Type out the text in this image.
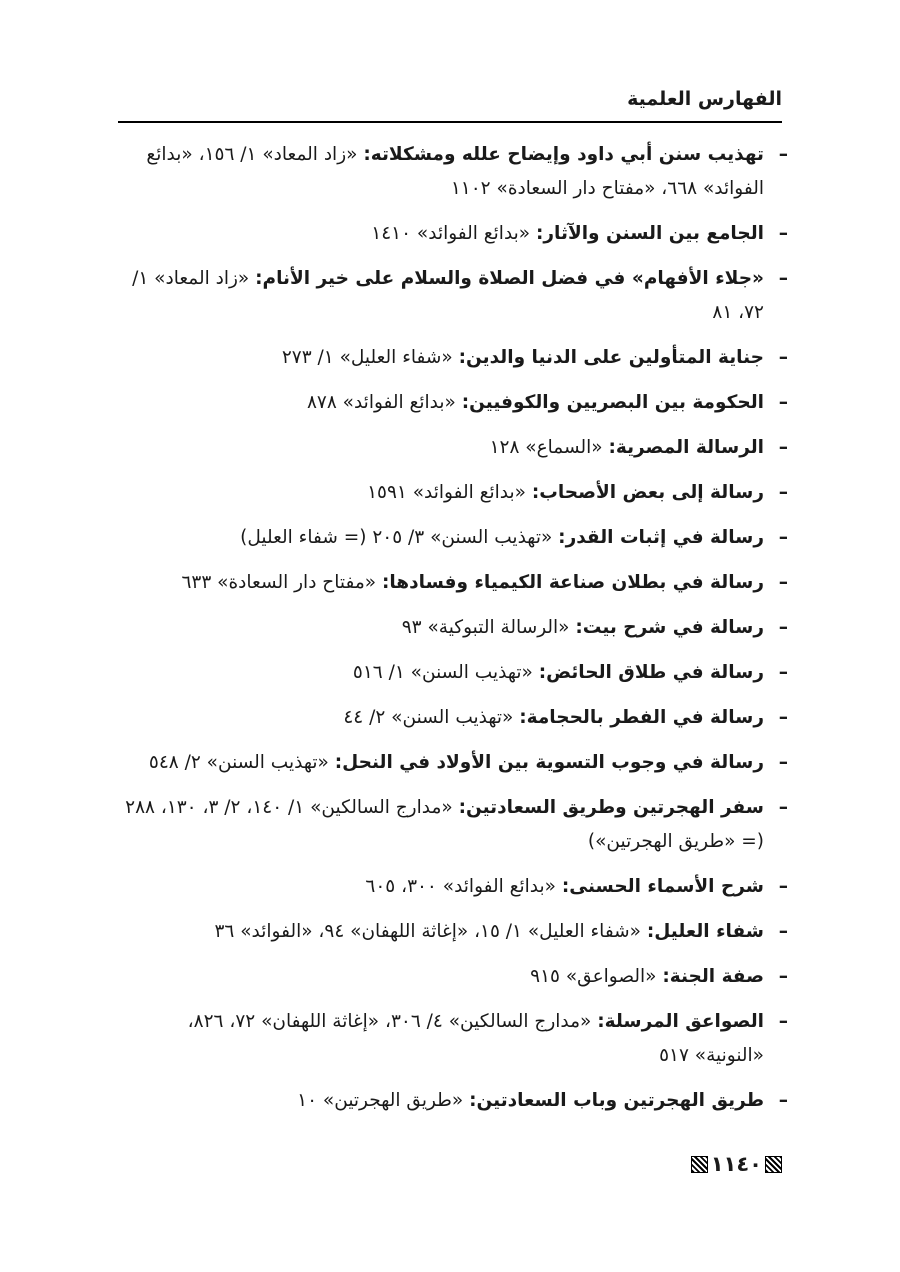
الفهارس العلمية
–
تهذيب سنن أبي داود وإيضاح علله ومشكلاته: «زاد المعاد» ١/ ١٥٦، «بدائع الفوائد» ٦٦٨، «مفتاح دار السعادة» ١١٠٢
–
الجامع بين السنن والآثار: «بدائع الفوائد» ١٤١٠
–
«جلاء الأفهام» في فضل الصلاة والسلام على خير الأنام: «زاد المعاد» ١/ ٧٢، ٨١
–
جناية المتأولين على الدنيا والدين: «شفاء العليل» ١/ ٢٧٣
–
الحكومة بين البصريين والكوفيين: «بدائع الفوائد» ٨٧٨
–
الرسالة المصرية: «السماع» ١٢٨
–
رسالة إلى بعض الأصحاب: «بدائع الفوائد» ١٥٩١
–
رسالة في إثبات القدر: «تهذيب السنن» ٣/ ٢٠٥ (= شفاء العليل)
–
رسالة في بطلان صناعة الكيمياء وفسادها: «مفتاح دار السعادة» ٦٣٣
–
رسالة في شرح بيت: «الرسالة التبوكية» ٩٣
–
رسالة في طلاق الحائض: «تهذيب السنن» ١/ ٥١٦
–
رسالة في الفطر بالحجامة: «تهذيب السنن» ٢/ ٤٤
–
رسالة في وجوب التسوية بين الأولاد في النحل: «تهذيب السنن» ٢/ ٥٤٨
–
سفر الهجرتين وطريق السعادتين: «مدارج السالكين» ١/ ١٤٠، ٢/ ٣، ١٣٠، ٢٨٨ (= «طريق الهجرتين»)
–
شرح الأسماء الحسنى: «بدائع الفوائد» ٣٠٠، ٦٠٥
–
شفاء العليل: «شفاء العليل» ١/ ١٥، «إغاثة اللهفان» ٩٤، «الفوائد» ٣٦
–
صفة الجنة: «الصواعق» ٩١٥
–
الصواعق المرسلة: «مدارج السالكين» ٤/ ٣٠٦، «إغاثة اللهفان» ٧٢، ٨٢٦، «النونية» ٥١٧
–
طريق الهجرتين وباب السعادتين: «طريق الهجرتين» ١٠
١١٤٠
